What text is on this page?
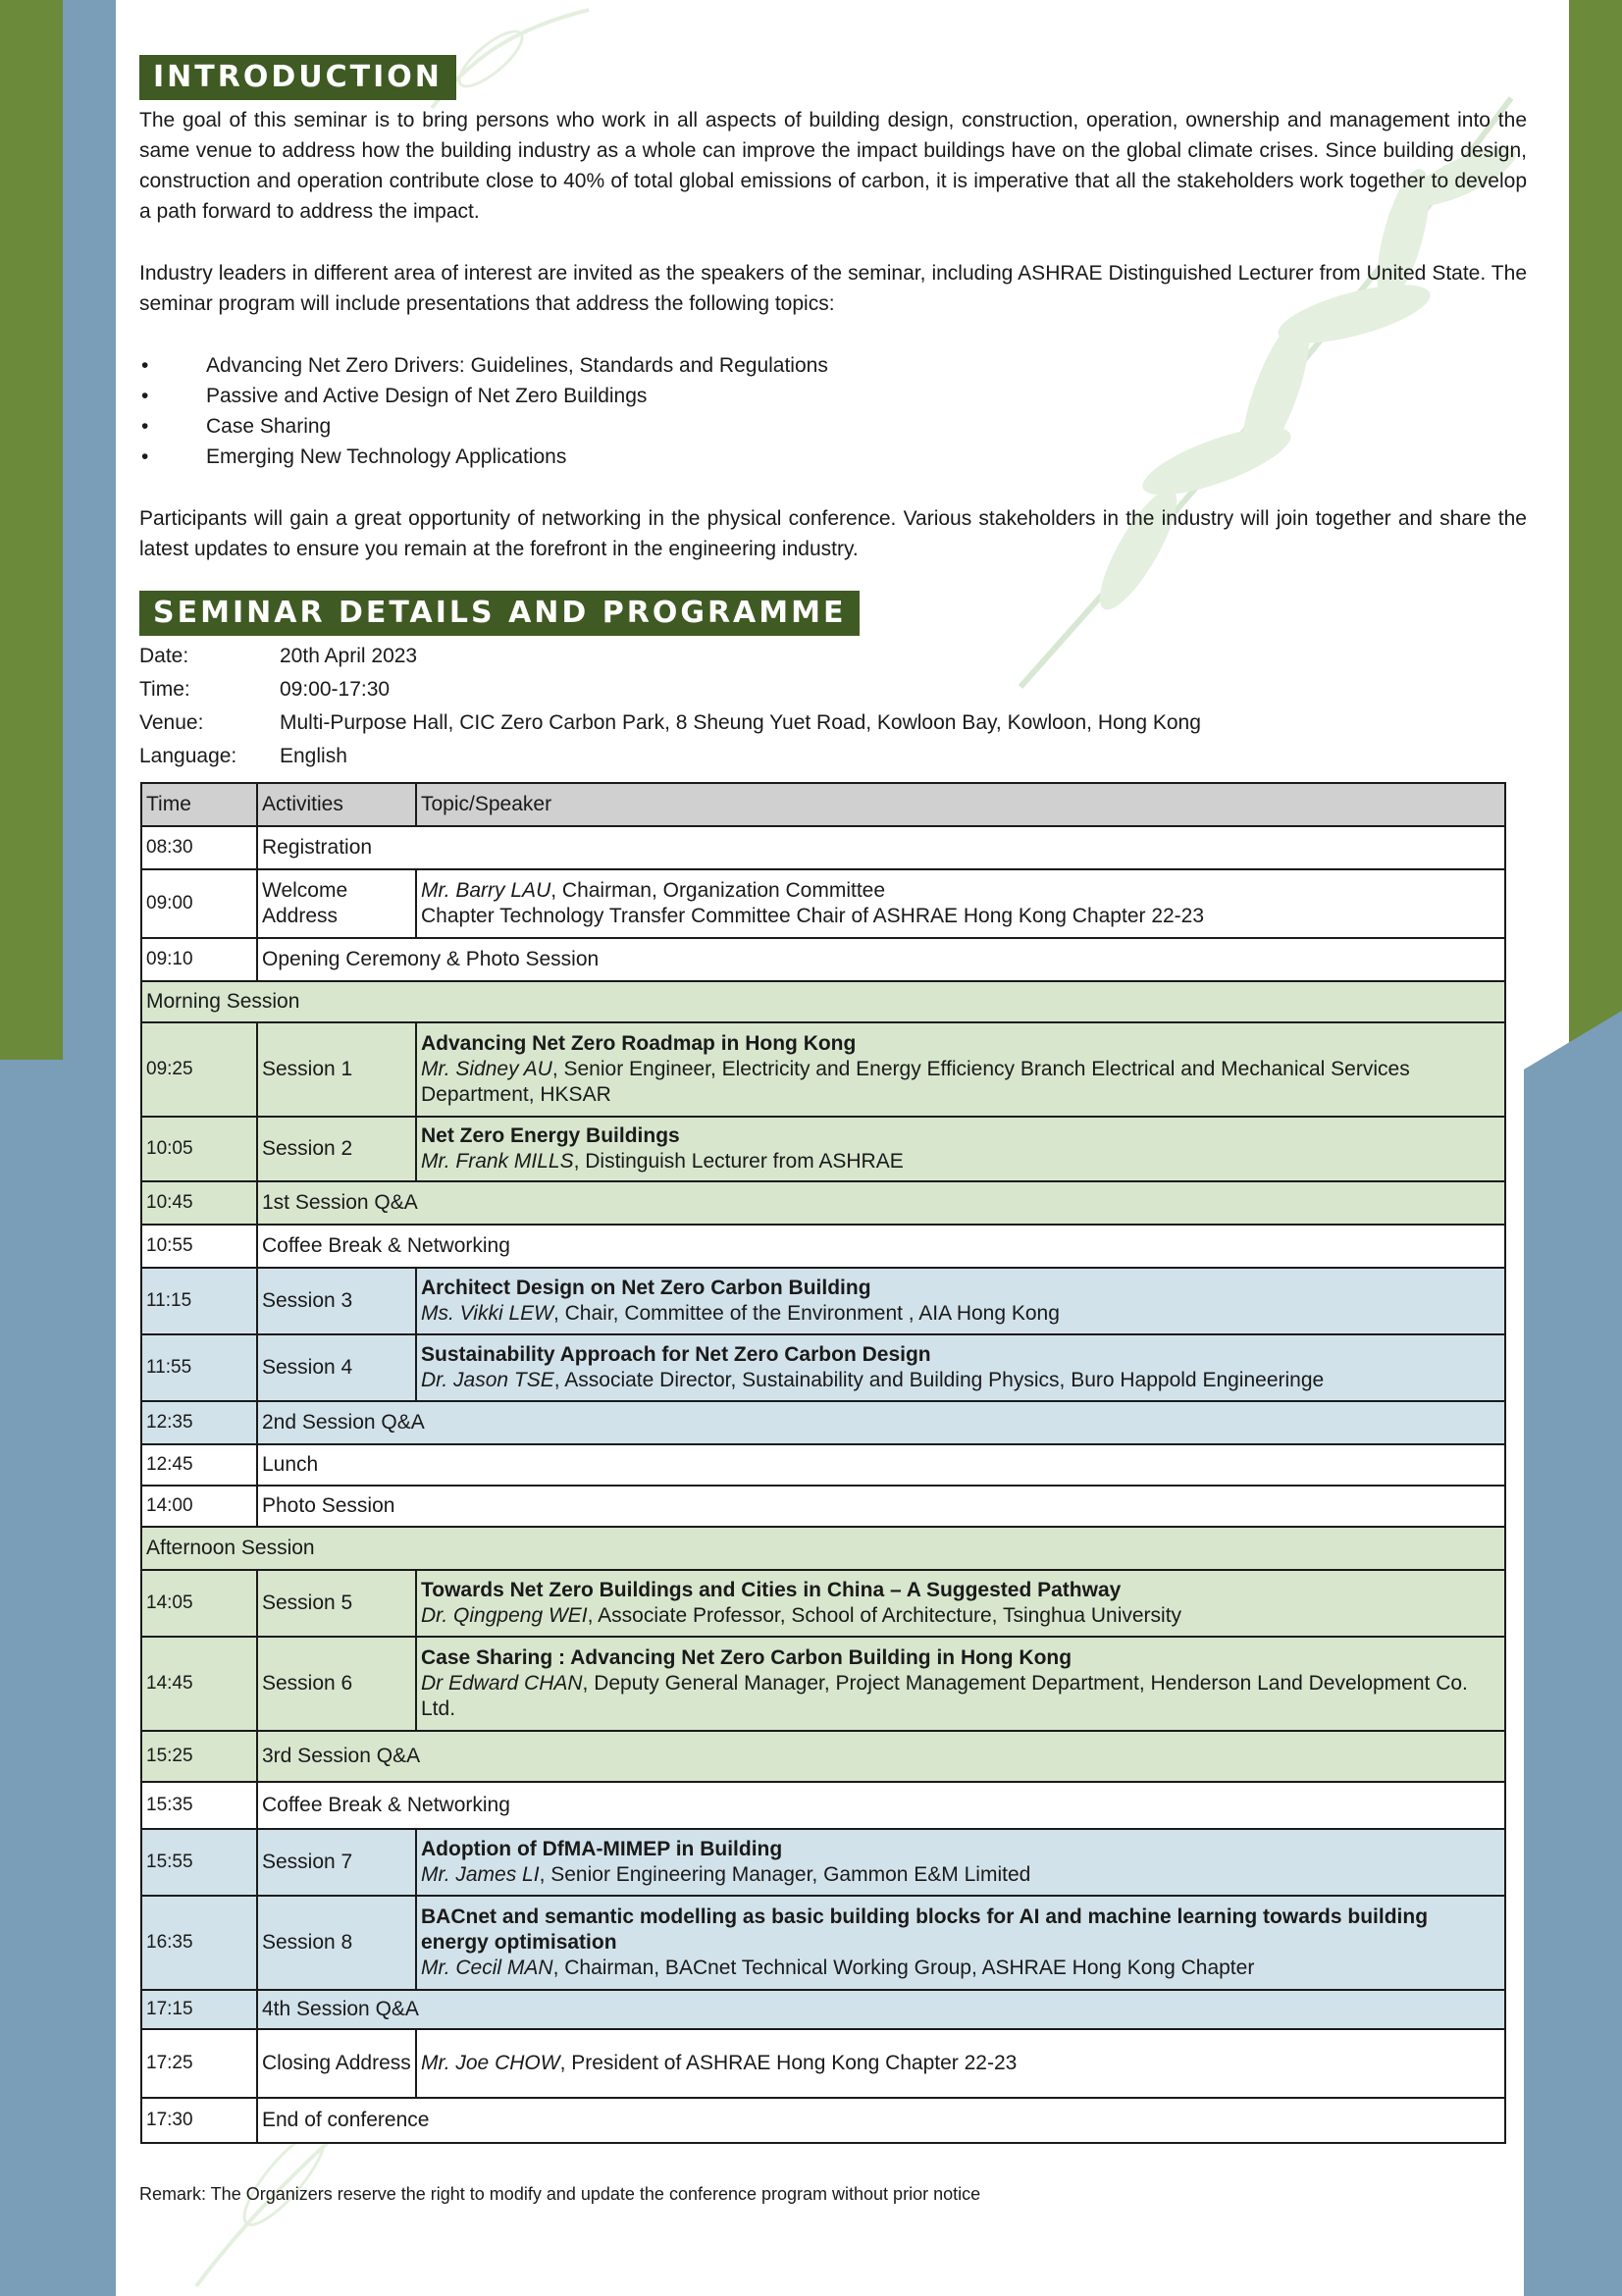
INTRODUCTION

The goal of this seminar is to bring persons who work in all aspects of building design, construction, operation, ownership and management into the same venue to address how the building industry as a whole can improve the impact buildings have on the global climate crises. Since building design, construction and operation contribute close to 40% of total global emissions of carbon, it is imperative that all the stakeholders work together to develop a path forward to address the impact.

Industry leaders in different area of interest are invited as the speakers of the seminar, including ASHRAE Distinguished Lecturer from United State. The seminar program will include presentations that address the following topics:

•	Advancing Net Zero Drivers: Guidelines, Standards and Regulations
•	Passive and Active Design of Net Zero Buildings
•	Case Sharing
•	Emerging New Technology Applications

Participants will gain a great opportunity of networking in the physical conference. Various stakeholders in the industry will join together and share the latest updates to ensure you remain at the forefront in the engineering industry.

SEMINAR DETAILS AND PROGRAMME
Date:	20th April 2023
Time:	09:00-17:30
Venue:	Multi-Purpose Hall, CIC Zero Carbon Park, 8 Sheung Yuet Road, Kowloon Bay, Kowloon, Hong Kong
Language:	English
Time	Activities	Topic/Speaker
08:30	Registration	
09:00	Welcome Address	Mr. Barry LAU, Chairman, Organization Committee
Chapter Technology Transfer Committee Chair of ASHRAE Hong Kong Chapter 22-23
09:10	Opening Ceremony & Photo Session	
Morning Session		
09:25	Session 1	Advancing Net Zero Roadmap in Hong Kong
Mr. Sidney AU, Senior Engineer, Electricity and Energy Efficiency Branch Electrical and Mechanical Services Department, HKSAR
10:05	Session 2	Net Zero Energy Buildings
Mr. Frank MILLS, Distinguish Lecturer from ASHRAE
10:45	1st Session Q&A	
10:55	Coffee Break & Networking	
11:15	Session 3	Architect Design on Net Zero Carbon Building
Ms. Vikki LEW, Chair, Committee of the Environment , AIA Hong Kong
11:55	Session 4	Sustainability Approach for Net Zero Carbon Design
Dr. Jason TSE, Associate Director, Sustainability and Building Physics, Buro Happold Engineeringe
12:35	2nd Session Q&A	
12:45	Lunch	
14:00	Photo Session	
Afternoon Session		
14:05	Session 5	Towards Net Zero Buildings and Cities in China – A Suggested Pathway
Dr. Qingpeng WEI, Associate Professor, School of Architecture, Tsinghua University
14:45	Session 6	Case Sharing : Advancing Net Zero Carbon Building in Hong Kong
Dr Edward CHAN, Deputy General Manager, Project Management Department, Henderson Land Development Co. Ltd.
15:25	3rd Session Q&A	
15:35	Coffee Break & Networking	
15:55	Session 7	Adoption of DfMA-MIMEP in Building
Mr. James LI, Senior Engineering Manager, Gammon E&M Limited
16:35	Session 8	BACnet and semantic modelling as basic building blocks for AI and machine learning towards building energy optimisation
Mr. Cecil MAN, Chairman, BACnet Technical Working Group, ASHRAE Hong Kong Chapter
17:15	4th Session Q&A	
17:25	Closing Address	Mr. Joe CHOW, President of ASHRAE Hong Kong Chapter 22-23
17:30	End of conference	
Remark: The Organizers reserve the right to modify and update the conference program without prior notice
